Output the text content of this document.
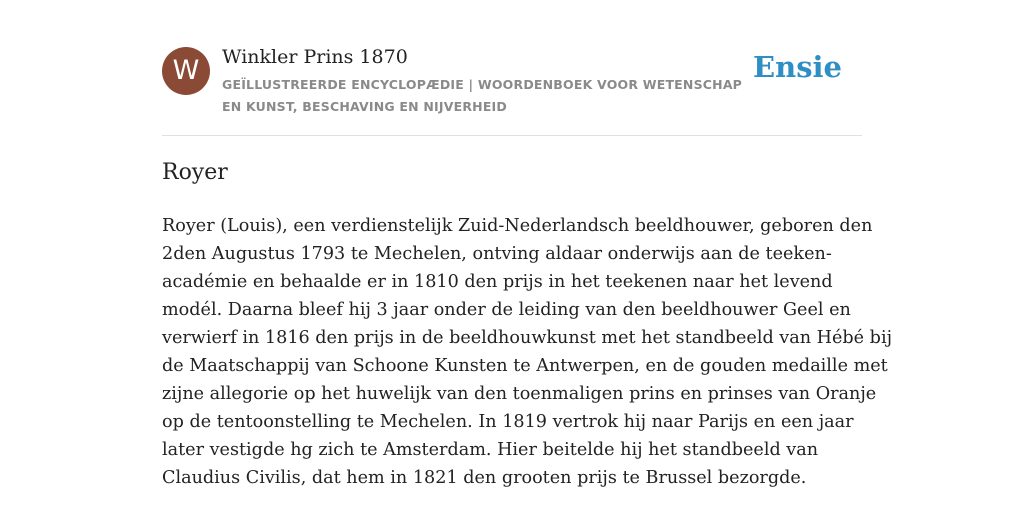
W	Winkler Prins 1870
GEÏLLUSTREERDE ENCYCLOPÆDIE | WOORDENBOEK VOOR WETENSCHAP EN KUNST, BESCHAVING EN NIJVERHEID
Ensie
Royer

Royer (Louis), een verdienstelijk Zuid-Nederlandsch beeldhouwer, geboren den
2den Augustus 1793 te Mechelen, ontving aldaar onderwijs aan de teeken-
académie en behaalde er in 1810 den prijs in het teekenen naar het levend
modél. Daarna bleef hij 3 jaar onder de leiding van den beeldhouwer Geel en
verwierf in 1816 den prijs in de beeldhouwkunst met het standbeeld van Hébé bij
de Maatschappij van Schoone Kunsten te Antwerpen, en de gouden medaille met
zijne allegorie op het huwelijk van den toenmaligen prins en prinses van Oranje
op de tentoonstelling te Mechelen. In 1819 vertrok hij naar Parijs en een jaar
later vestigde hg zich te Amsterdam. Hier beitelde hij het standbeeld van
Claudius Civilis, dat hem in 1821 den grooten prijs te Brussel bezorgde.
